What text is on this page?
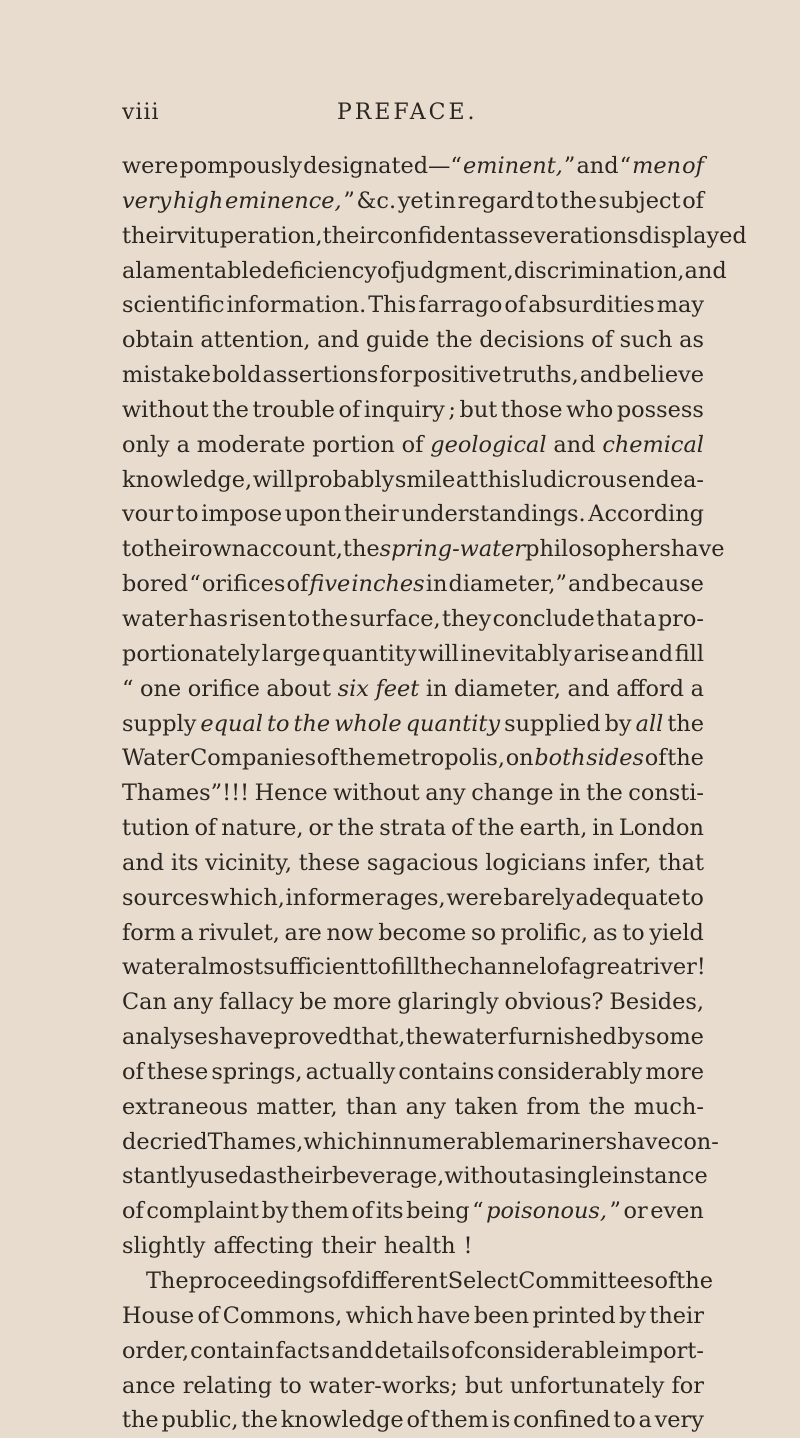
viii	PREFACE.
were pompously designated—“ eminent, ” and “ men of
very high eminence, ” &c. yet in regard to the subject of
their vituperation, their confident asseverations displayed
a lamentable deficiency of judgment, discrimination, and
scientific information. This farrago of absurdities may
obtain attention, and guide the decisions of such as
mistake bold assertions for positive truths, and believe
without the trouble of inquiry ; but those who possess
only a moderate portion of geological and chemical
knowledge, will probably smile at this ludicrous endea-
vour to impose upon their understandings. According
to their own account, the spring-water philosophers have
bored “ orifices of five inches in diameter,” and because
water has risen to the surface, they conclude that a pro-
portionately large quantity will inevitably arise and fill
“ one orifice about six feet in diameter, and afford a
supply equal to the whole quantity supplied by all the
Water Companies of the metropolis, on both sides of the
Thames”!!! Hence without any change in the consti-
tution of nature, or the strata of the earth, in London
and its vicinity, these sagacious logicians infer, that
sources which, in former ages, were barely adequate to
form a rivulet, are now become so prolific, as to yield
water almost sufficient to fill the channel of a great river !
Can any fallacy be more glaringly obvious? Besides,
analyses have proved that, the water furnished by some
of these springs, actually contains considerably more
extraneous matter, than any taken from the much-
decried Thames, which innumerable mariners have con-
stantly used as their beverage, without a single instance
of complaint by them of its being “ poisonous, ” or even
slightly affecting their health !
The proceedings of different Select Committees of the
House of Commons, which have been printed by their
order, contain facts and details of considerable import-
ance relating to water-works; but unfortunately for
the public, the knowledge of them is confined to a very
